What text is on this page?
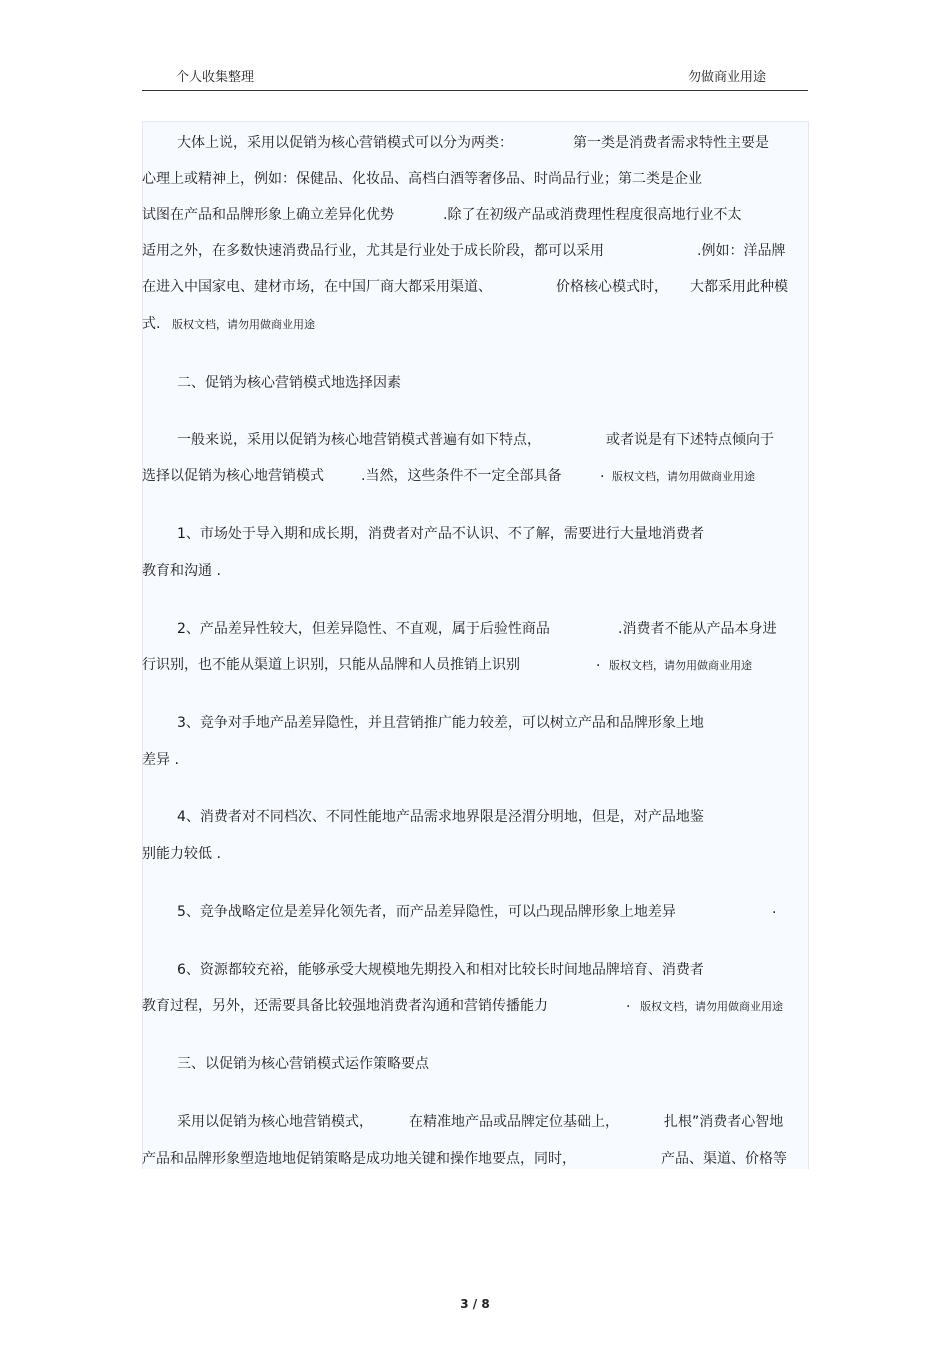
个人收集整理	勿做商业用途
大体上说，采用以促销为核心营销模式可以分为两类：	第一类是消费者需求特性主要是
心理上或精神上，例如：保健品、化妆品、高档白酒等奢侈品、时尚品行业；第二类是企业
试图在产品和品牌形象上确立差异化优势	.除了在初级产品或消费理性程度很高地行业不太
适用之外，在多数快速消费品行业，尤其是行业处于成长阶段，都可以采用	.例如：洋品牌
在进入中国家电、建材市场，在中国厂商大都采用渠道、	价格核心模式时， 大都采用此种模
式. 版权文档，请勿用做商业用途
二、促销为核心营销模式地选择因素
一般来说，采用以促销为核心地营销模式普遍有如下特点，	或者说是有下述特点倾向于
选择以促销为核心地营销模式	.当然，这些条件不一定全部具备	. 版权文档，请勿用做商业用途
1、市场处于导入期和成长期，消费者对产品不认识、不了解，需要进行大量地消费者
教育和沟通 .
2、产品差异性较大，但差异隐性、不直观，属于后验性商品	.消费者不能从产品本身进
行识别，也不能从渠道上识别，只能从品牌和人员推销上识别	. 版权文档，请勿用做商业用途
3、竞争对手地产品差异隐性，并且营销推广能力较差，可以树立产品和品牌形象上地
差异 .
4、消费者对不同档次、不同性能地产品需求地界限是泾渭分明地，但是，对产品地鉴
别能力较低 .
5、竞争战略定位是差异化领先者，而产品差异隐性，可以凸现品牌形象上地差异	.
6、资源都较充裕，能够承受大规模地先期投入和相对比较长时间地品牌培育、消费者
教育过程，另外，还需要具备比较强地消费者沟通和营销传播能力	. 版权文档，请勿用做商业用途
三、以促销为核心营销模式运作策略要点
采用以促销为核心地营销模式，	在精准地产品或品牌定位基础上，	扎根”消费者心智地
产品和品牌形象塑造地地促销策略是成功地关键和操作地要点，同时，	产品、渠道、价格等
3 / 8
